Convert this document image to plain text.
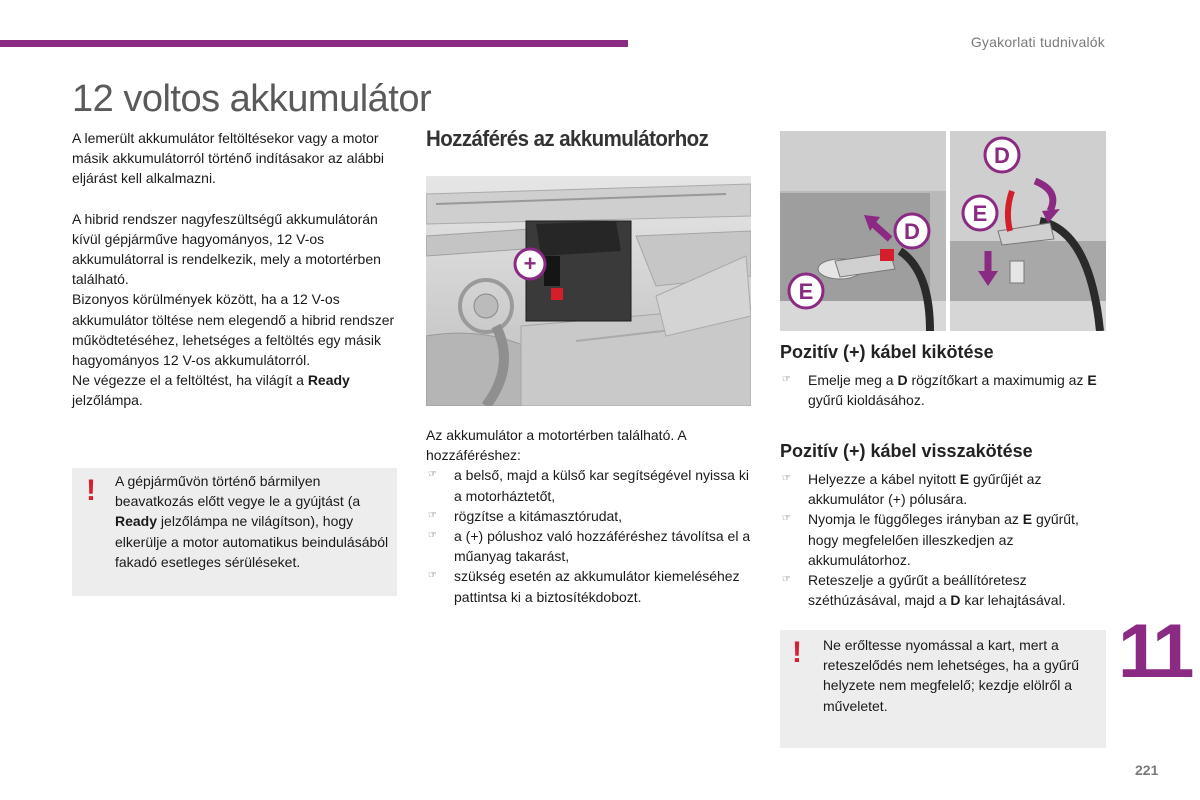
Gyakorlati tudnivalók
12 voltos akkumulátor

A lemerült akkumulátor feltöltésekor vagy a motor másik akkumulátorról történő indításakor az alábbi eljárást kell alkalmazni.

A hibrid rendszer nagyfeszültségű akkumulátorán kívül gépjárműve hagyományos, 12 V-os akkumulátorral is rendelkezik, mely a motortérben található.

Bizonyos körülmények között, ha a 12 V-os akkumulátor töltése nem elegendő a hibrid rendszer működtetéséhez, lehetséges a feltöltés egy másik hagyományos 12 V-os akkumulátorról.

Ne végezze el a feltöltést, ha világít a Ready jelzőlámpa.

! A gépjárművön történő bármilyen beavatkozás előtt vegye le a gyújtást (a Ready jelzőlámpa ne világítson), hogy elkerülje a motor automatikus beindulásából fakadó esetleges sérüléseket.

Hozzáférés az akkumulátorhoz
+

Az akkumulátor a motortérben található. A hozzáféréshez:

☞ a belső, majd a külső kar segítségével nyissa ki a motorháztetőt,
☞ rögzítse a kitámasztórudat,
☞ a (+) pólushoz való hozzáféréshez távolítsa el a műanyag takarást,
☞ szükség esetén az akkumulátor kiemeléséhez pattintsa ki a biztosítékdobozt.
D
E
D
E
Pozitív (+) kábel kikötése
☞ Emelje meg a D rögzítőkart a maximumig az E gyűrű kioldásához.
Pozitív (+) kábel visszakötése
☞ Helyezze a kábel nyitott E gyűrűjét az akkumulátor (+) pólusára.
☞ Nyomja le függőleges irányban az E gyűrűt, hogy megfelelően illeszkedjen az akkumulátorhoz.
☞ Reteszelje a gyűrűt a beállítóretesz széthúzásával, majd a D kar lehajtásával.
! Ne erőltesse nyomással a kart, mert a reteszelődés nem lehetséges, ha a gyűrű helyzete nem megfelelő; kezdje elölről a műveletet.

11
221
